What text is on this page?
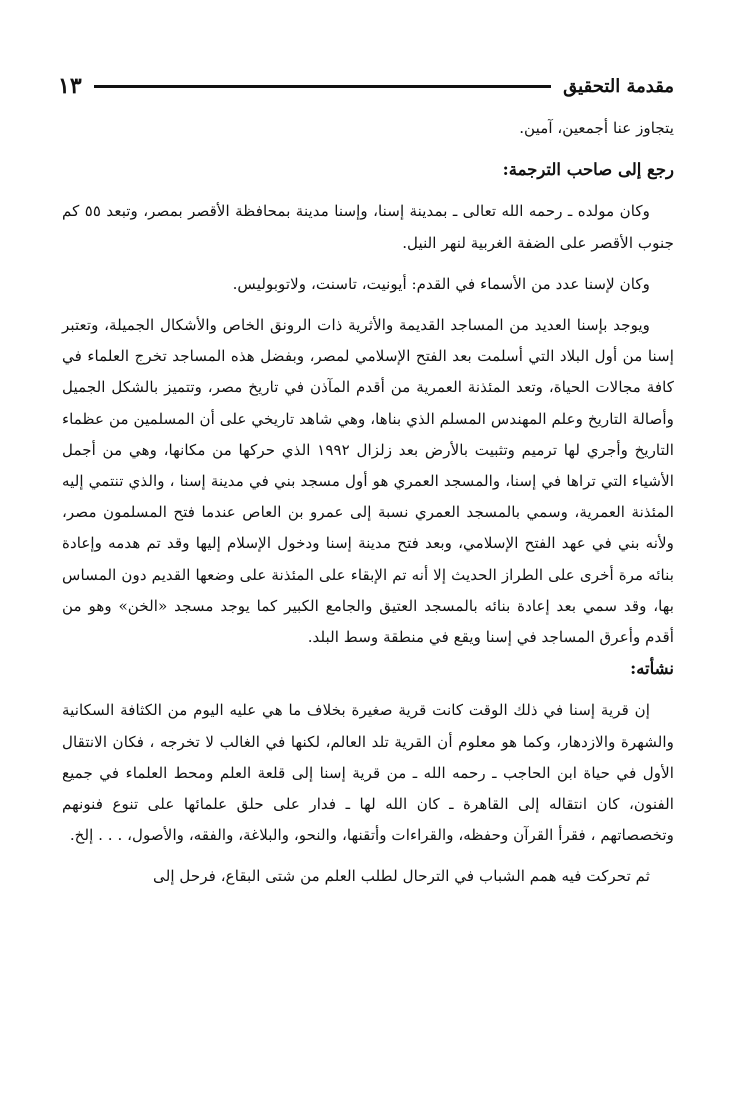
مقدمة التحقيق
١٣

يتجاوز عنا أجمعين، آمين.

رجع إلى صاحب الترجمة:

وكان مولده ـ رحمه الله تعالى ـ بمدينة إسنا، وإسنا مدينة بمحافظة الأقصر بمصر، وتبعد ٥٥ كم جنوب الأقصر على الضفة الغربية لنهر النيل.

وكان لإسنا عدد من الأسماء في القدم: أيونيت، تاسنت، ولاتوبوليس.

ويوجد بإسنا العديد من المساجد القديمة والأثرية ذات الرونق الخاص والأشكال الجميلة، وتعتبر إسنا من أول البلاد التي أسلمت بعد الفتح الإسلامي لمصر، وبفضل هذه المساجد تخرج العلماء في كافة مجالات الحياة، وتعد المئذنة العمرية من أقدم المآذن في تاريخ مصر، وتتميز بالشكل الجميل وأصالة التاريخ وعلم المهندس المسلم الذي بناها، وهي شاهد تاريخي على أن المسلمين من عظماء التاريخ وأجري لها ترميم وتثبيت بالأرض بعد زلزال ١٩٩٢ الذي حركها من مكانها، وهي من أجمل الأشياء التي تراها في إسنا، والمسجد العمري هو أول مسجد بني في مدينة إسنا ، والذي تنتمي إليه المئذنة العمرية، وسمي بالمسجد العمري نسبة إلى عمرو بن العاص عندما فتح المسلمون مصر، ولأنه بني في عهد الفتح الإسلامي، وبعد فتح مدينة إسنا ودخول الإسلام إليها وقد تم هدمه وإعادة بنائه مرة أخرى على الطراز الحديث إلا أنه تم الإبقاء على المئذنة على وضعها القديم دون المساس بها، وقد سمي بعد إعادة بنائه بالمسجد العتيق والجامع الكبير كما يوجد مسجد «الخن» وهو من أقدم وأعرق المساجد في إسنا ويقع في منطقة وسط البلد.

نشأته:

إن قرية إسنا في ذلك الوقت كانت قرية صغيرة بخلاف ما هي عليه اليوم من الكثافة السكانية والشهرة والازدهار، وكما هو معلوم أن القرية تلد العالم، لكنها في الغالب لا تخرجه ، فكان الانتقال الأول في حياة ابن الحاجب ـ رحمه الله ـ من قرية إسنا إلى قلعة العلم ومحط العلماء في جميع الفنون، كان انتقاله إلى القاهرة ـ كان الله لها ـ فدار على حلق علمائها على تنوع فنونهم وتخصصاتهم ، فقرأ القرآن وحفظه، والقراءات وأتقنها، والنحو، والبلاغة، والفقه، والأصول، . . . إلخ.

ثم تحركت فيه همم الشباب في الترحال لطلب العلم من شتى البقاع، فرحل إلى
